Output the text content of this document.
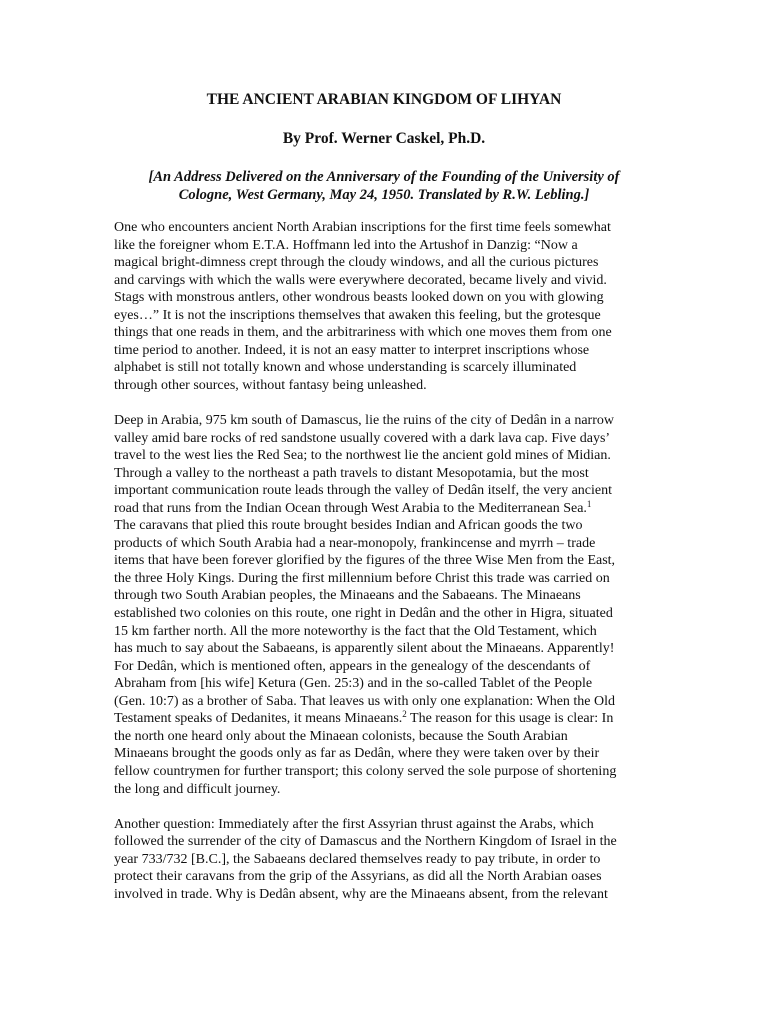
THE ANCIENT ARABIAN KINGDOM OF LIHYAN
By Prof. Werner Caskel, Ph.D.
[An Address Delivered on the Anniversary of the Founding of the University of
Cologne, West Germany, May 24, 1950. Translated by R.W. Lebling.]
One who encounters ancient North Arabian inscriptions for the first time feels somewhat
like the foreigner whom E.T.A. Hoffmann led into the Artushof in Danzig: “Now a
magical bright-dimness crept through the cloudy windows, and all the curious pictures
and carvings with which the walls were everywhere decorated, became lively and vivid.
Stags with monstrous antlers, other wondrous beasts looked down on you with glowing
eyes…” It is not the inscriptions themselves that awaken this feeling, but the grotesque
things that one reads in them, and the arbitrariness with which one moves them from one
time period to another. Indeed, it is not an easy matter to interpret inscriptions whose
alphabet is still not totally known and whose understanding is scarcely illuminated
through other sources, without fantasy being unleashed.
Deep in Arabia, 975 km south of Damascus, lie the ruins of the city of Dedân in a narrow
valley amid bare rocks of red sandstone usually covered with a dark lava cap. Five days’
travel to the west lies the Red Sea; to the northwest lie the ancient gold mines of Midian.
Through a valley to the northeast a path travels to distant Mesopotamia, but the most
important communication route leads through the valley of Dedân itself, the very ancient
road that runs from the Indian Ocean through West Arabia to the Mediterranean Sea.$^1$
The caravans that plied this route brought besides Indian and African goods the two
products of which South Arabia had a near-monopoly, frankincense and myrrh – trade
items that have been forever glorified by the figures of the three Wise Men from the East,
the three Holy Kings. During the first millennium before Christ this trade was carried on
through two South Arabian peoples, the Minaeans and the Sabaeans. The Minaeans
established two colonies on this route, one right in Dedân and the other in Higra, situated
15 km farther north. All the more noteworthy is the fact that the Old Testament, which
has much to say about the Sabaeans, is apparently silent about the Minaeans. Apparently!
For Dedân, which is mentioned often, appears in the genealogy of the descendants of
Abraham from [his wife] Ketura (Gen. 25:3) and in the so-called Tablet of the People
(Gen. 10:7) as a brother of Saba. That leaves us with only one explanation: When the Old
Testament speaks of Dedanites, it means Minaeans.$^2$ The reason for this usage is clear: In
the north one heard only about the Minaean colonists, because the South Arabian
Minaeans brought the goods only as far as Dedân, where they were taken over by their
fellow countrymen for further transport; this colony served the sole purpose of shortening
the long and difficult journey.
Another question: Immediately after the first Assyrian thrust against the Arabs, which
followed the surrender of the city of Damascus and the Northern Kingdom of Israel in the
year 733/732 [B.C.], the Sabaeans declared themselves ready to pay tribute, in order to
protect their caravans from the grip of the Assyrians, as did all the North Arabian oases
involved in trade. Why is Dedân absent, why are the Minaeans absent, from the relevant
